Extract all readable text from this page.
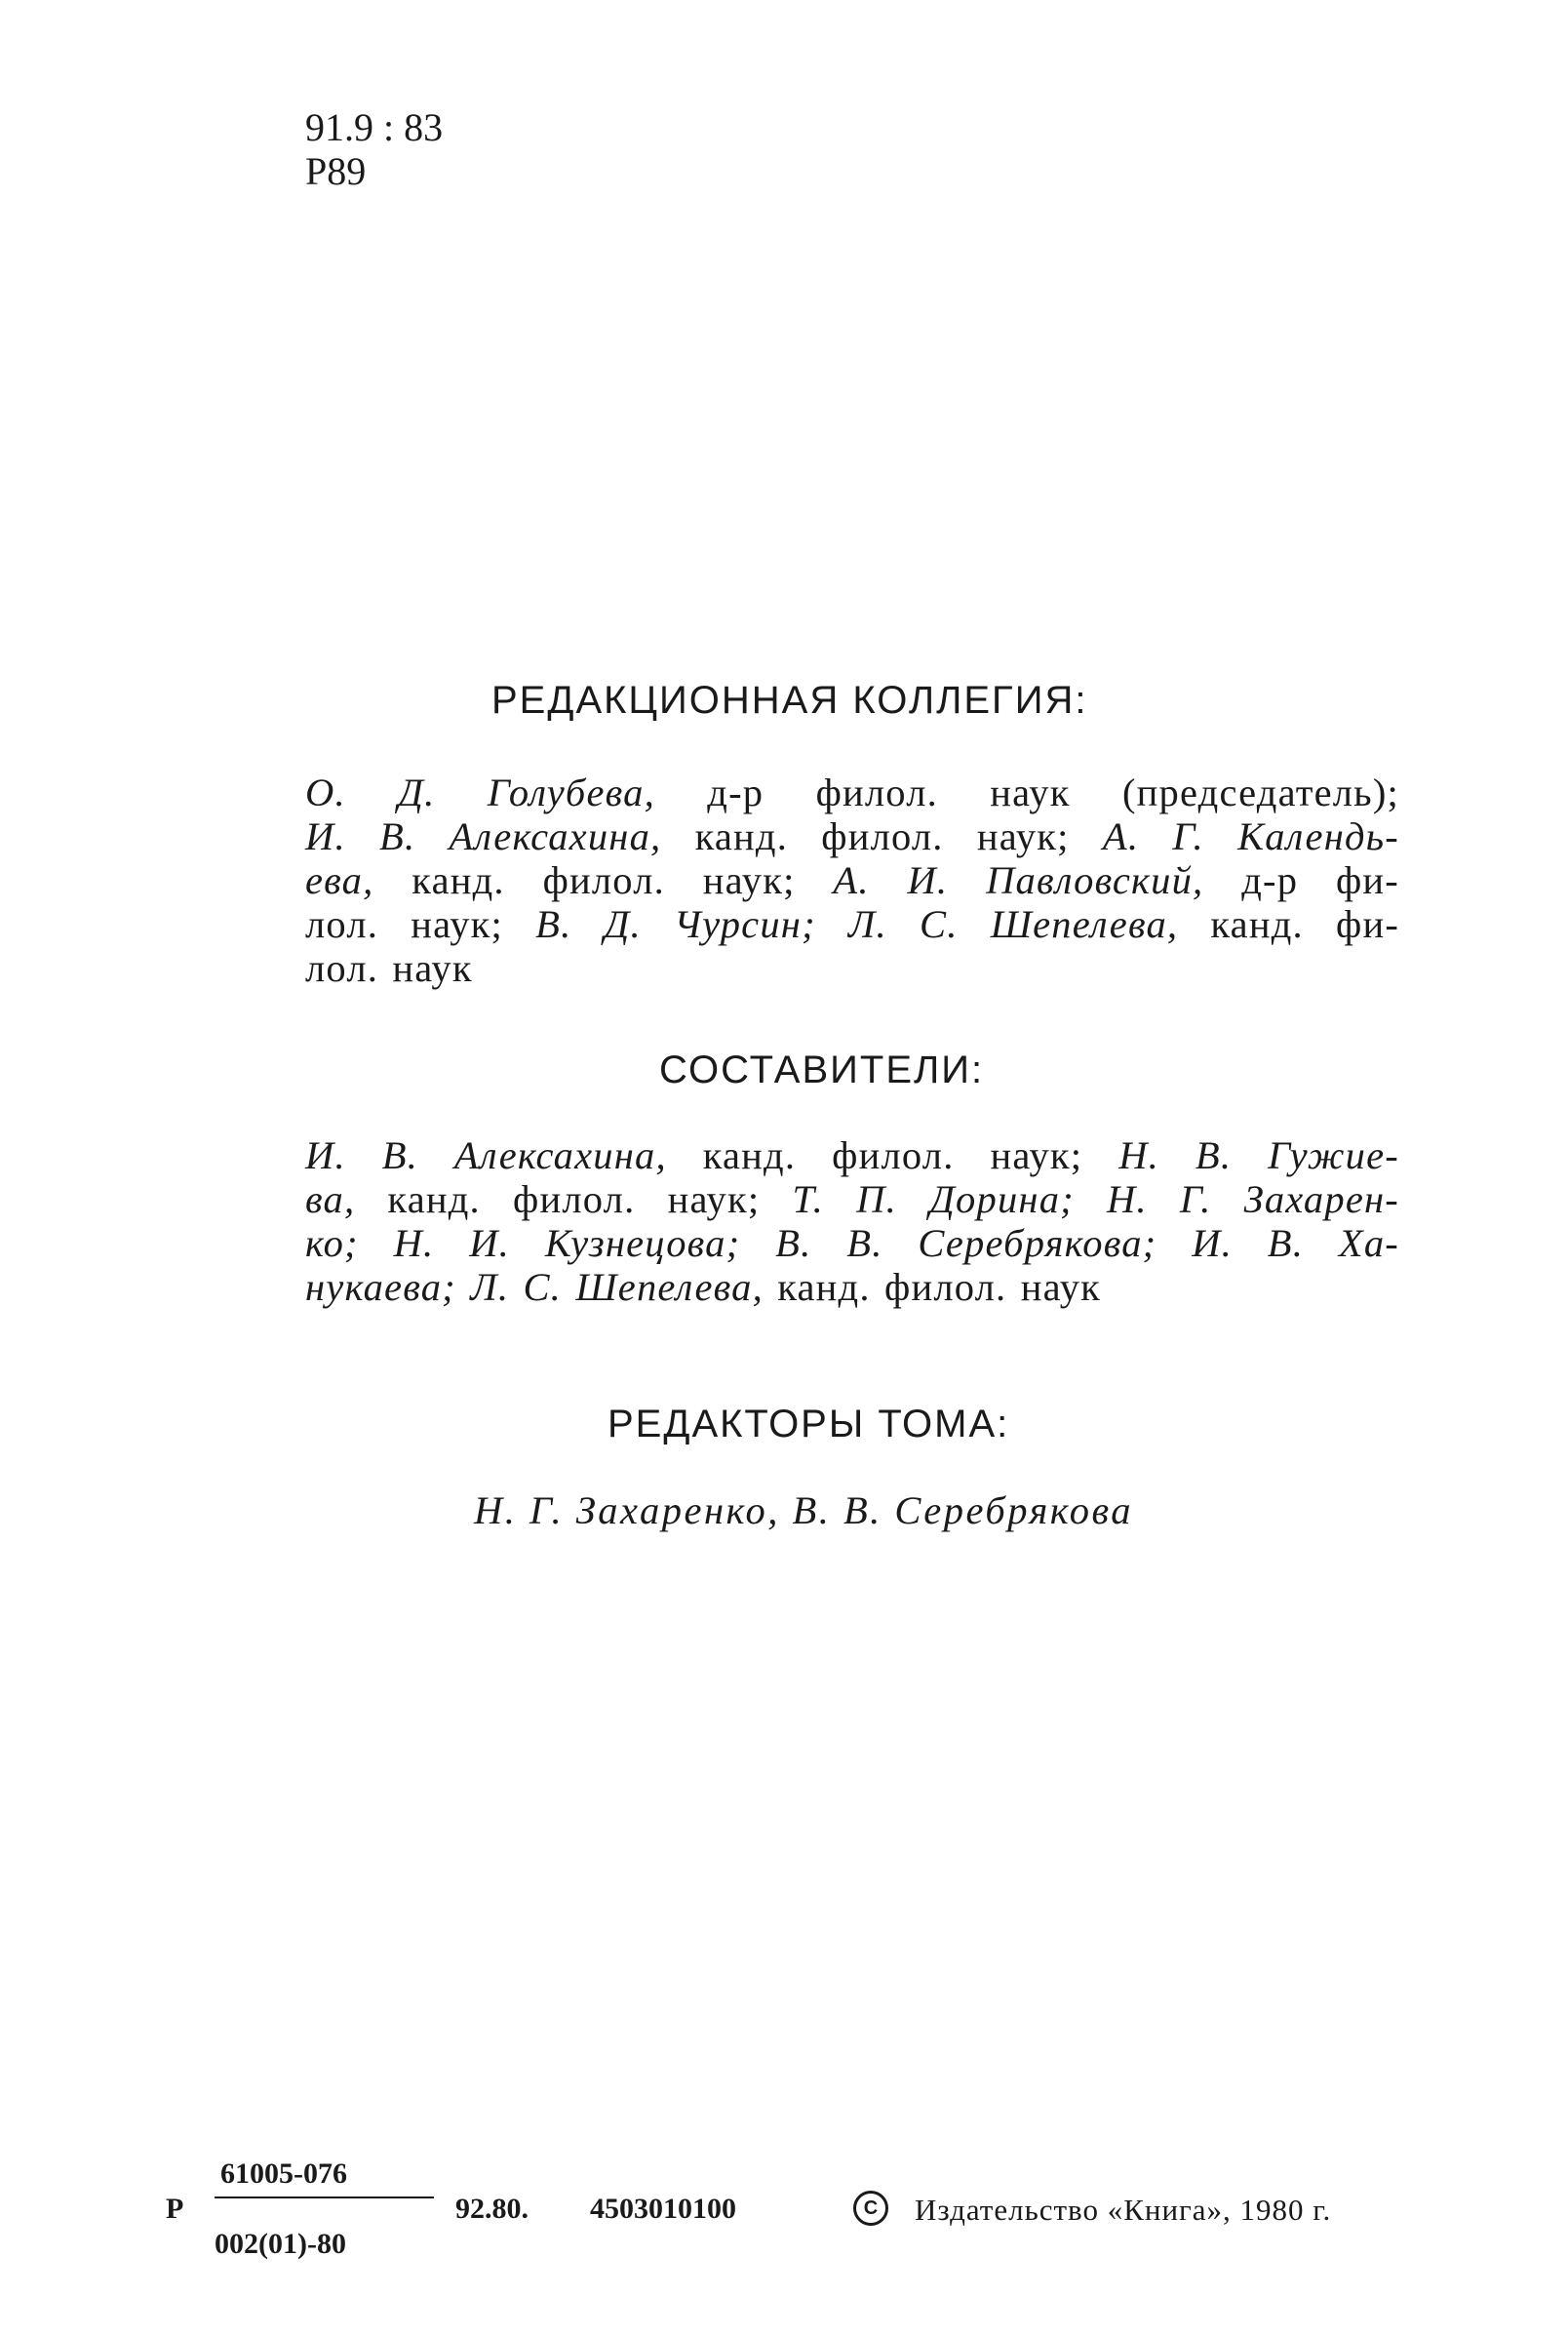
91.9 : 83
Р89
РЕДАКЦИОННАЯ КОЛЛЕГИЯ:
О. Д. Голубева, д-р филол. наук (председатель);
И. В. Алексахина, канд. филол. наук; А. Г. Календь-
ева, канд. филол. наук; А. И. Павловский, д-р фи-
лол. наук; В. Д. Чурсин; Л. С. Шепелева, канд. фи-
лол. наук
СОСТАВИТЕЛИ:
И. В. Алексахина, канд. филол. наук; Н. В. Гужие-
ва, канд. филол. наук; Т. П. Дорина; Н. Г. Захарен-
ко; Н. И. Кузнецова; В. В. Серебрякова; И. В. Ха-
нукаева; Л. С. Шепелева, канд. филол. наук
РЕДАКТОРЫ ТОМА:
Н. Г. Захаренко, В. В. Серебрякова
Р
61005-076
002(01)-80
92.80. 4503010100	С Издательство «Книга», 1980 г.
